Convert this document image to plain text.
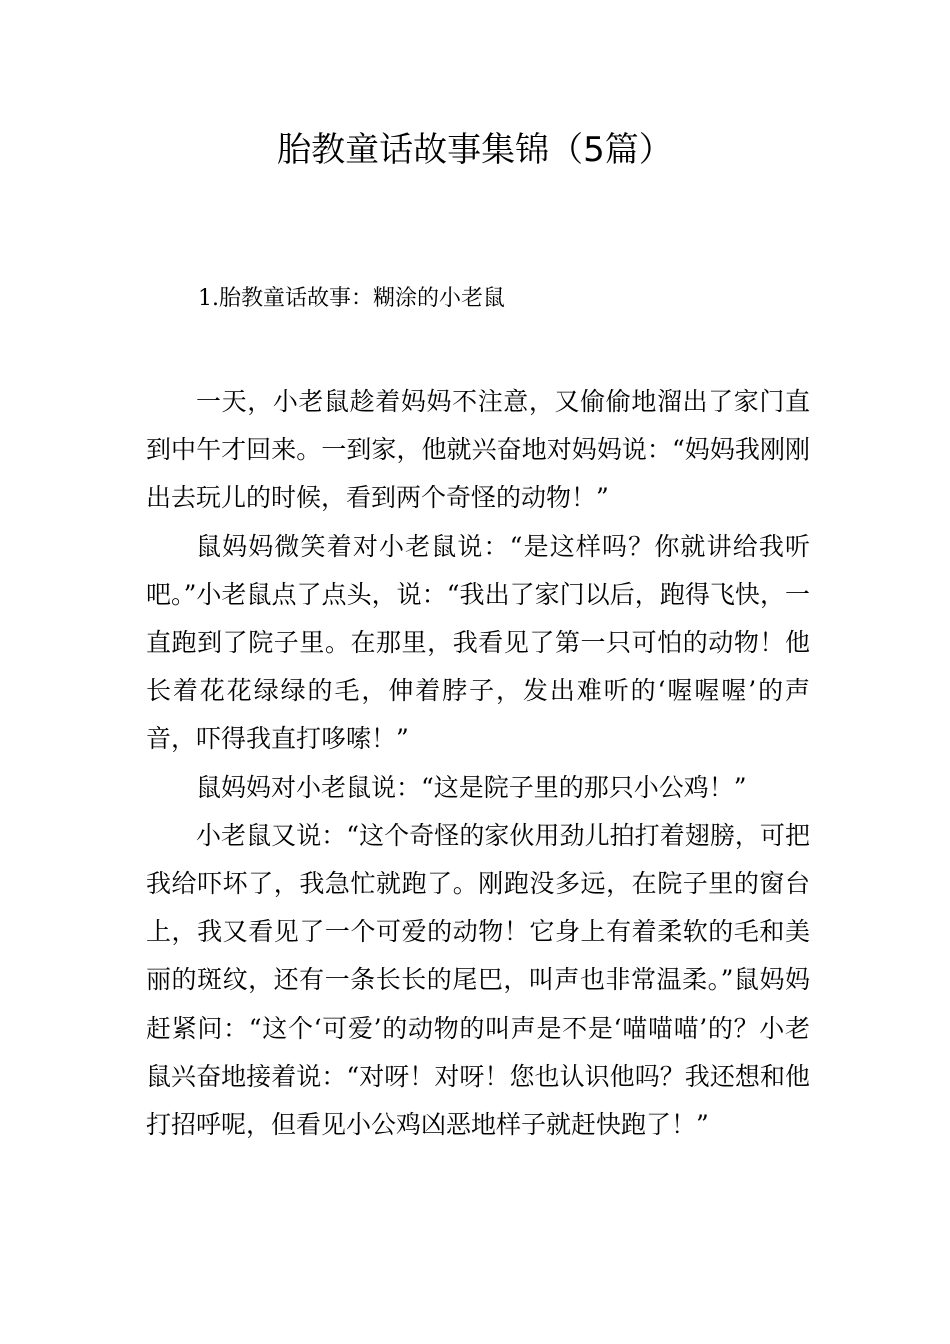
胎教童话故事集锦（5篇）
1.胎教童话故事：糊涂的小老鼠

一天，小老鼠趁着妈妈不注意，又偷偷地溜出了家门直到中午才回来。一到家，他就兴奋地对妈妈说：“妈妈我刚刚出去玩儿的时候，看到两个奇怪的动物！”

鼠妈妈微笑着对小老鼠说：“是这样吗？你就讲给我听吧。”小老鼠点了点头，说：“我出了家门以后，跑得飞快，一直跑到了院子里。在那里，我看见了第一只可怕的动物！他长着花花绿绿的毛，伸着脖子，发出难听的‘喔喔喔’的声音，吓得我直打哆嗦！”

鼠妈妈对小老鼠说：“这是院子里的那只小公鸡！”

小老鼠又说：“这个奇怪的家伙用劲儿拍打着翅膀，可把我给吓坏了，我急忙就跑了。刚跑没多远，在院子里的窗台上，我又看见了一个可爱的动物！它身上有着柔软的毛和美丽的斑纹，还有一条长长的尾巴，叫声也非常温柔。”鼠妈妈赶紧问：“这个‘可爱’的动物的叫声是不是‘喵喵喵’的？小老鼠兴奋地接着说：“对呀！对呀！您也认识他吗？我还想和他打招呼呢，但看见小公鸡凶恶地样子就赶快跑了！”
